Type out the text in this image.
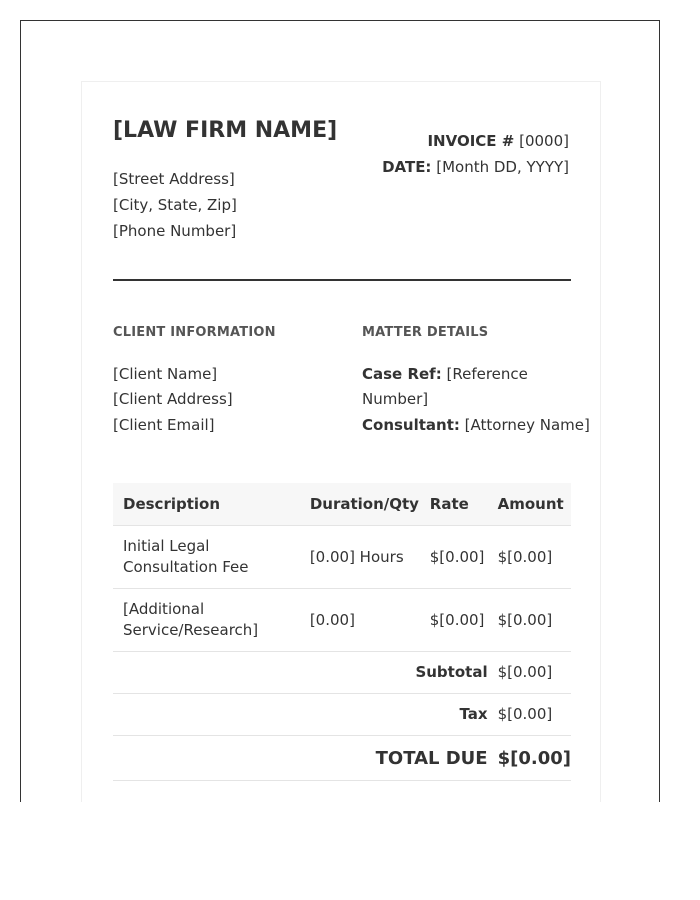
[LAW FIRM NAME]
[Street Address]
[City, State, Zip]
[Phone Number]
INVOICE # [0000]
DATE: [Month DD, YYYY]
CLIENT INFORMATION
[Client Name]
[Client Address]
[Client Email]
MATTER DETAILS
Case Ref: [Reference
Number]
Consultant: [Attorney Name]
Description	Duration/Qty	Rate	Amount

Initial Legal
Consultation Fee	[0.00] Hours	$[0.00]	$[0.00]

[Additional
Service/Research]	[0.00]	$[0.00]	$[0.00]
Subtotal			$[0.00]
Tax			$[0.00]
TOTAL DUE			$[0.00]
